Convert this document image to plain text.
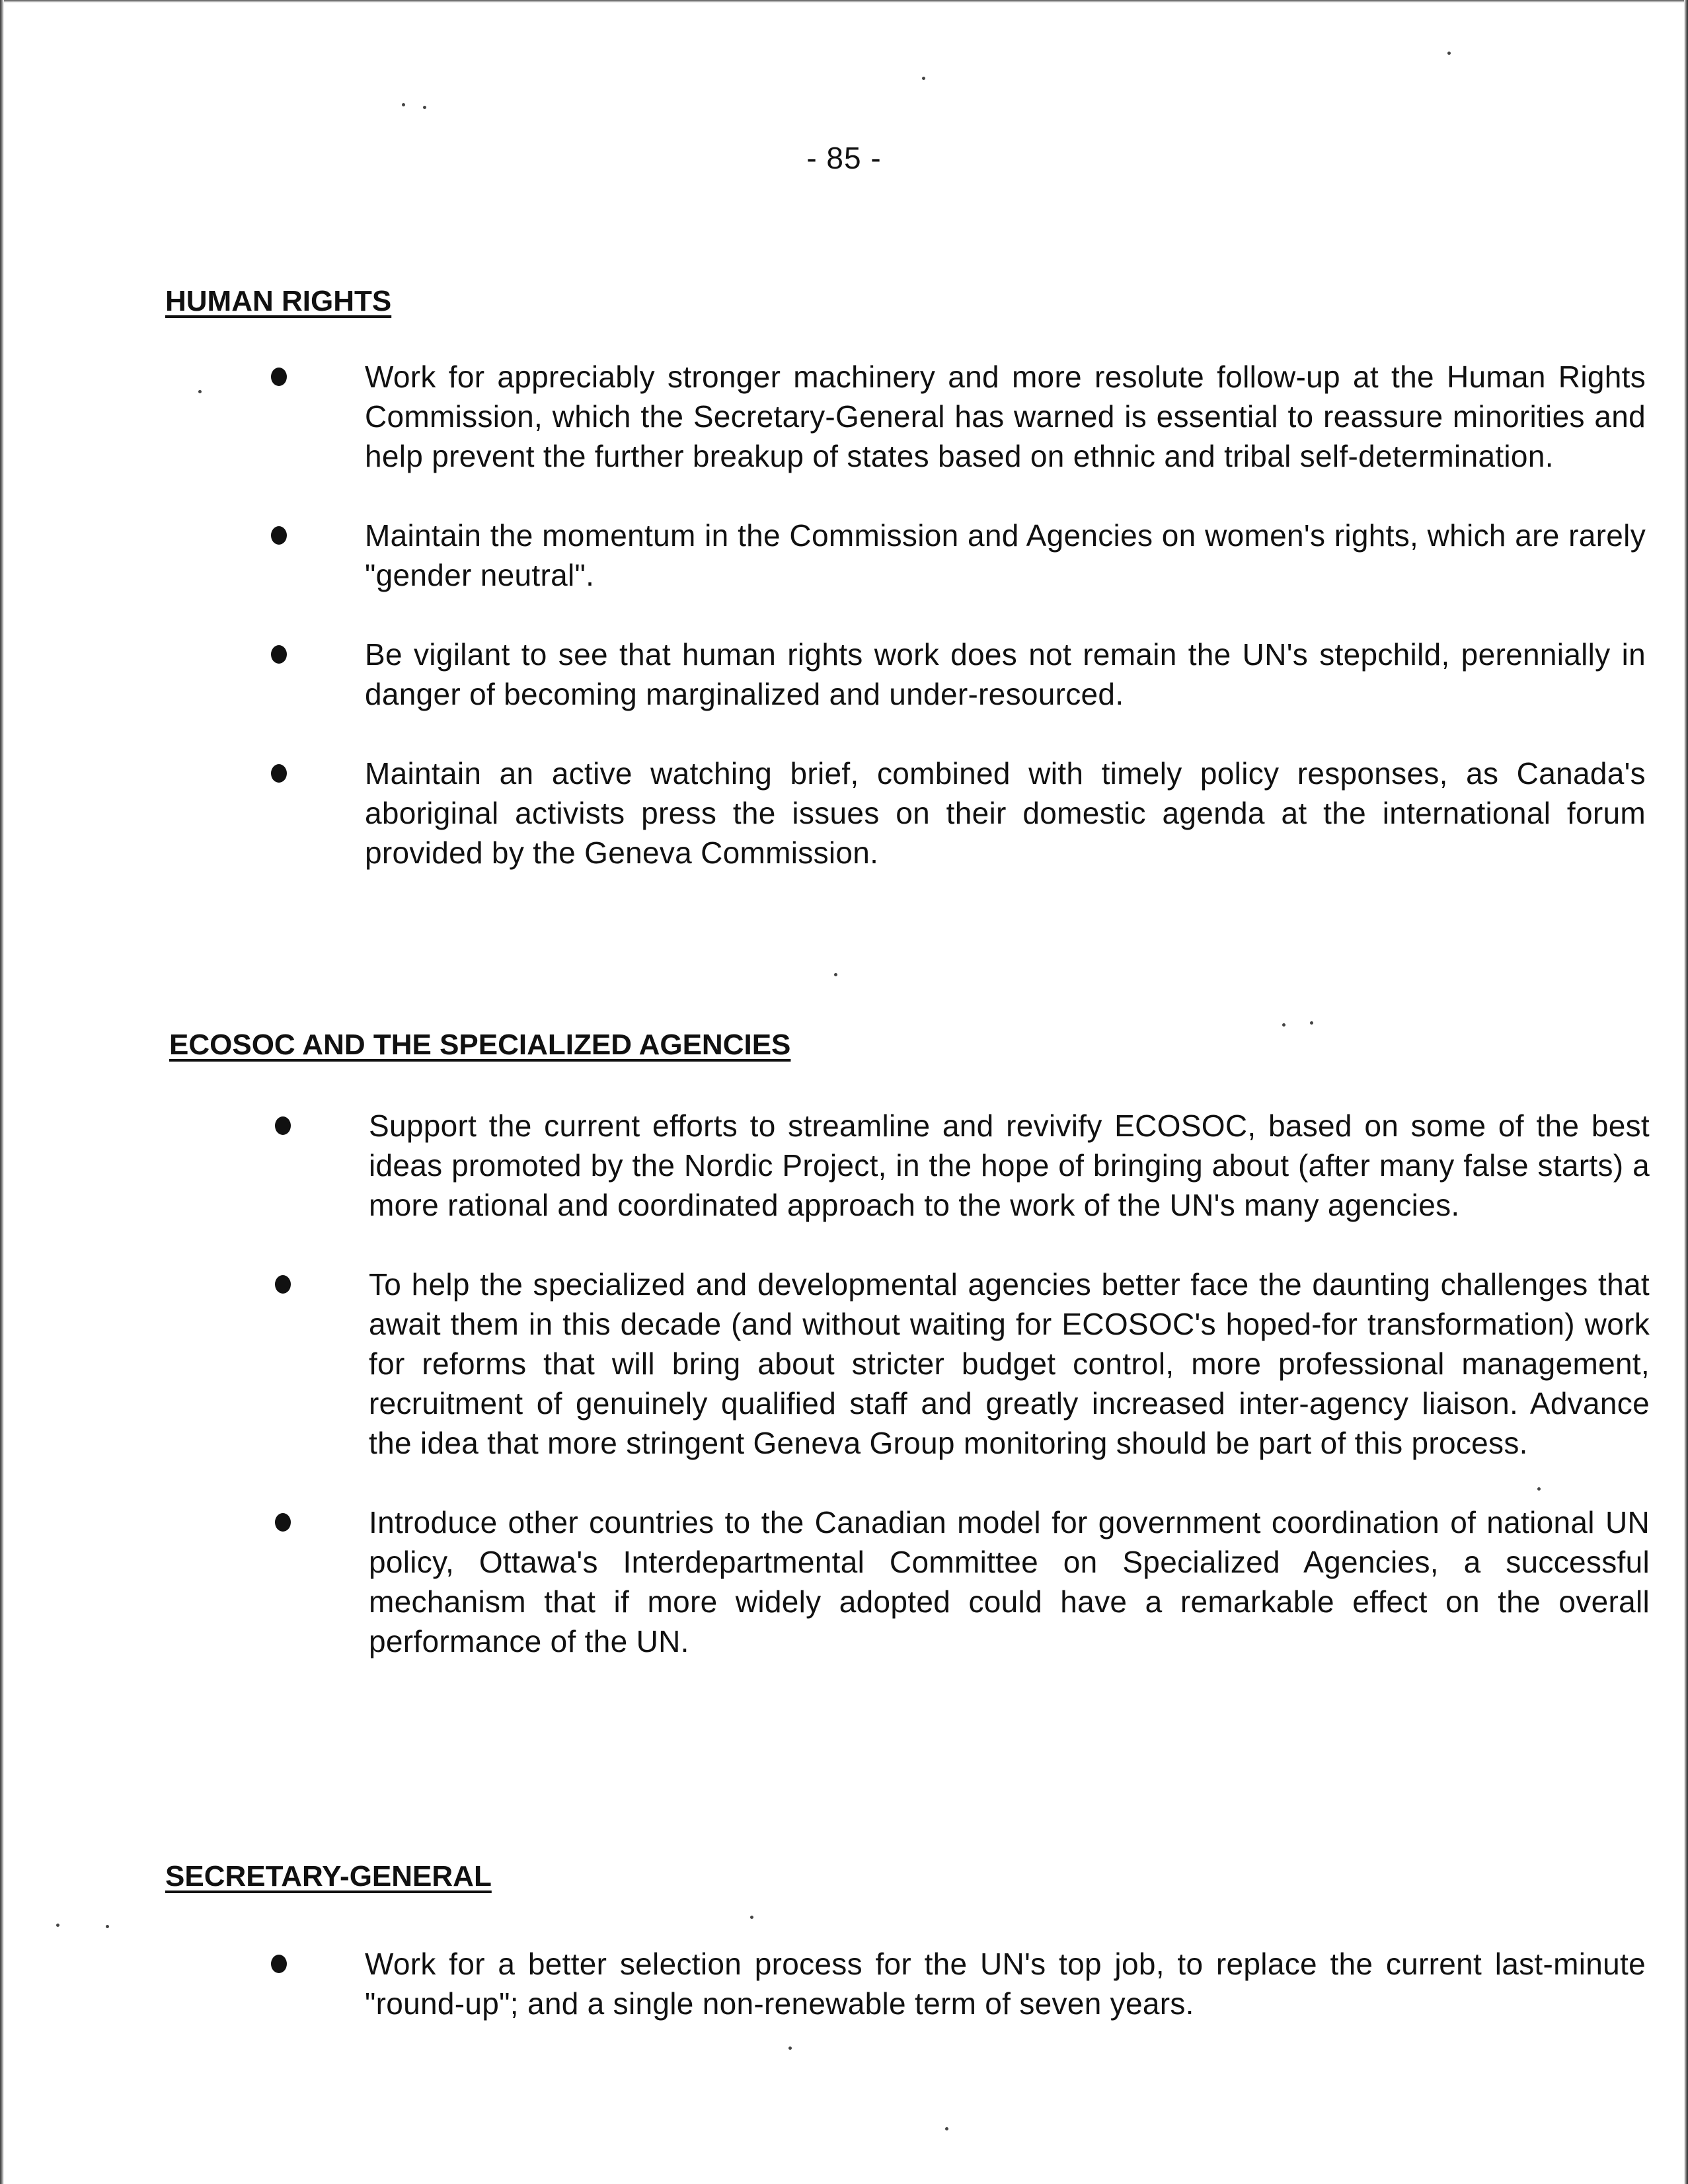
- 85 -
HUMAN RIGHTS
Work for appreciably stronger machinery and more resolute follow-up at the Human Rights Commission, which the Secretary-General has warned is essential to reassure minorities and help prevent the further breakup of states based on ethnic and tribal self-determination.
Maintain the momentum in the Commission and Agencies on women's rights, which are rarely "gender neutral".
Be vigilant to see that human rights work does not remain the UN's stepchild, perennially in danger of becoming marginalized and under-resourced.
Maintain an active watching brief, combined with timely policy responses, as Canada's aboriginal activists press the issues on their domestic agenda at the international forum provided by the Geneva Commission.
ECOSOC AND THE SPECIALIZED AGENCIES
Support the current efforts to streamline and revivify ECOSOC, based on some of the best ideas promoted by the Nordic Project, in the hope of bringing about (after many false starts) a more rational and coordinated approach to the work of the UN's many agencies.
To help the specialized and developmental agencies better face the daunting challenges that await them in this decade (and without waiting for ECOSOC's hoped-for transformation) work for reforms that will bring about stricter budget control, more professional management, recruitment of genuinely qualified staff and greatly increased inter-agency liaison. Advance the idea that more stringent Geneva Group monitoring should be part of this process.
Introduce other countries to the Canadian model for government coordination of national UN policy, Ottawa's Interdepartmental Committee on Specialized Agencies, a successful mechanism that if more widely adopted could have a remarkable effect on the overall performance of the UN.
SECRETARY-GENERAL
Work for a better selection process for the UN's top job, to replace the current last-minute "round-up"; and a single non-renewable term of seven years.
